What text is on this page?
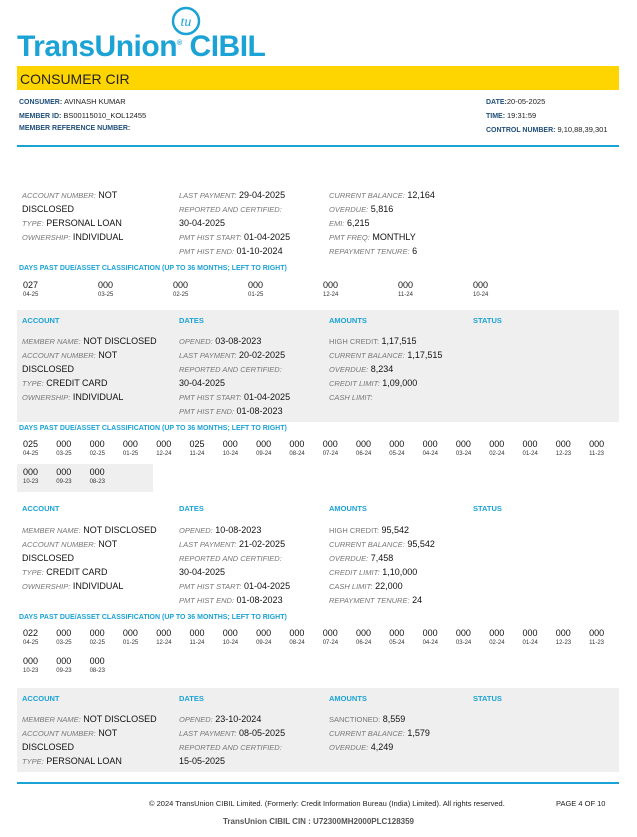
TransUnion® CIBIL
tu
CONSUMER CIR
CONSUMER: AVINASH KUMAR
MEMBER ID: BS00115010_KOL12455
MEMBER REFERENCE NUMBER:
DATE:20-05-2025
TIME: 19:31:59
CONTROL NUMBER: 9,10,88,39,301
ACCOUNT NUMBER: NOT
DISCLOSED
TYPE: PERSONAL LOAN
OWNERSHIP: INDIVIDUAL
LAST PAYMENT: 29-04-2025
REPORTED AND CERTIFIED:
30-04-2025
PMT HIST START: 01-04-2025
PMT HIST END: 01-10-2024
CURRENT BALANCE: 12,164
OVERDUE: 5,816
EMI: 6,215
PMT FREQ: MONTHLY
REPAYMENT TENURE: 6
DAYS PAST DUE/ASSET CLASSIFICATION (UP TO 36 MONTHS; LEFT TO RIGHT)
027
04-25
000
03-25
000
02-25
000
01-25
000
12-24
000
11-24
000
10-24
ACCOUNT	DATES	AMOUNTS	STATUS
MEMBER NAME: NOT DISCLOSED
ACCOUNT NUMBER: NOT
DISCLOSED
TYPE: CREDIT CARD
OWNERSHIP: INDIVIDUAL
OPENED: 03-08-2023
LAST PAYMENT: 20-02-2025
REPORTED AND CERTIFIED:
30-04-2025
PMT HIST START: 01-04-2025
PMT HIST END: 01-08-2023
HIGH CREDIT: 1,17,515
CURRENT BALANCE: 1,17,515
OVERDUE: 8,234
CREDIT LIMIT: 1,09,000
CASH LIMIT:
DAYS PAST DUE/ASSET CLASSIFICATION (UP TO 36 MONTHS; LEFT TO RIGHT)
025
04-25
000
03-25
000
02-25
000
01-25
000
12-24
025
11-24
000
10-24
000
09-24
000
08-24
000
07-24
000
06-24
000
05-24
000
04-24
000
03-24
000
02-24
000
01-24
000
12-23
000
11-23
000
10-23
000
09-23
000
08-23
ACCOUNT	DATES	AMOUNTS	STATUS
MEMBER NAME: NOT DISCLOSED
ACCOUNT NUMBER: NOT
DISCLOSED
TYPE: CREDIT CARD
OWNERSHIP: INDIVIDUAL
OPENED: 10-08-2023
LAST PAYMENT: 21-02-2025
REPORTED AND CERTIFIED:
30-04-2025
PMT HIST START: 01-04-2025
PMT HIST END: 01-08-2023
HIGH CREDIT: 95,542
CURRENT BALANCE: 95,542
OVERDUE: 7,458
CREDIT LIMIT: 1,10,000
CASH LIMIT: 22,000
REPAYMENT TENURE: 24
DAYS PAST DUE/ASSET CLASSIFICATION (UP TO 36 MONTHS; LEFT TO RIGHT)
022
04-25
000
03-25
000
02-25
000
01-25
000
12-24
000
11-24
000
10-24
000
09-24
000
08-24
000
07-24
000
06-24
000
05-24
000
04-24
000
03-24
000
02-24
000
01-24
000
12-23
000
11-23
000
10-23
000
09-23
000
08-23
ACCOUNT	DATES	AMOUNTS	STATUS
MEMBER NAME: NOT DISCLOSED
ACCOUNT NUMBER: NOT
DISCLOSED
TYPE: PERSONAL LOAN
OPENED: 23-10-2024
LAST PAYMENT: 08-05-2025
REPORTED AND CERTIFIED:
15-05-2025
SANCTIONED: 8,559
CURRENT BALANCE: 1,579
OVERDUE: 4,249
© 2024 TransUnion CIBIL Limited. (Formerly: Credit Information Bureau (India) Limited). All rights reserved.	PAGE 4 OF 10
TransUnion CIBIL CIN : U72300MH2000PLC128359
